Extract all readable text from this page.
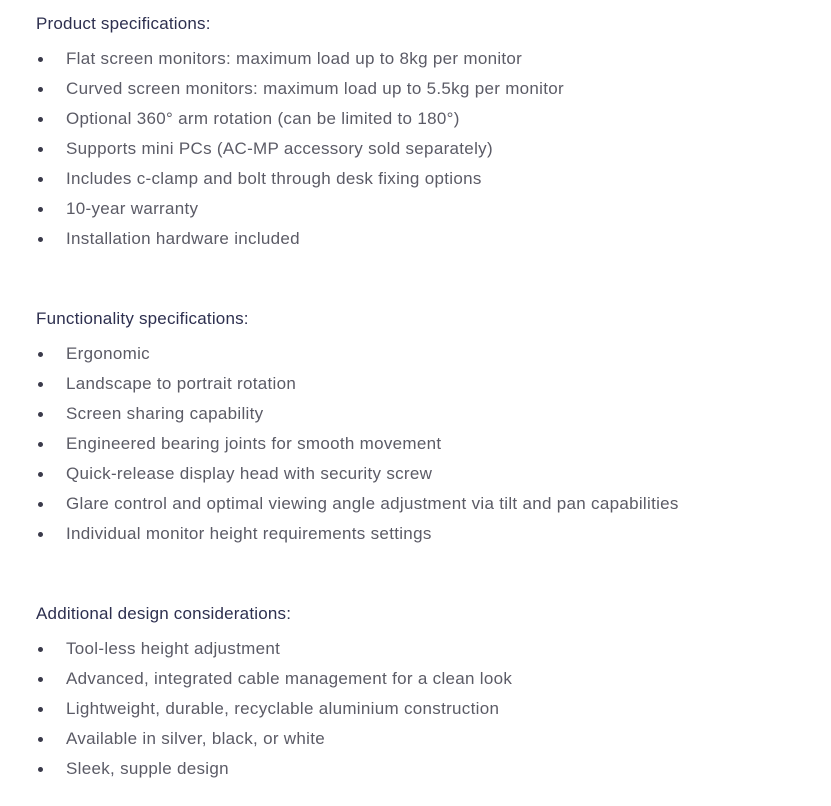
Product specifications:
Flat screen monitors: maximum load up to 8kg per monitor
Curved screen monitors: maximum load up to 5.5kg per monitor
Optional 360° arm rotation (can be limited to 180°)
Supports mini PCs (AC-MP accessory sold separately)
Includes c-clamp and bolt through desk fixing options
10-year warranty
Installation hardware included
Functionality specifications:
Ergonomic
Landscape to portrait rotation
Screen sharing capability
Engineered bearing joints for smooth movement
Quick-release display head with security screw
Glare control and optimal viewing angle adjustment via tilt and pan capabilities
Individual monitor height requirements settings
Additional design considerations:
Tool-less height adjustment
Advanced, integrated cable management for a clean look
Lightweight, durable, recyclable aluminium construction
Available in silver, black, or white
Sleek, supple design
